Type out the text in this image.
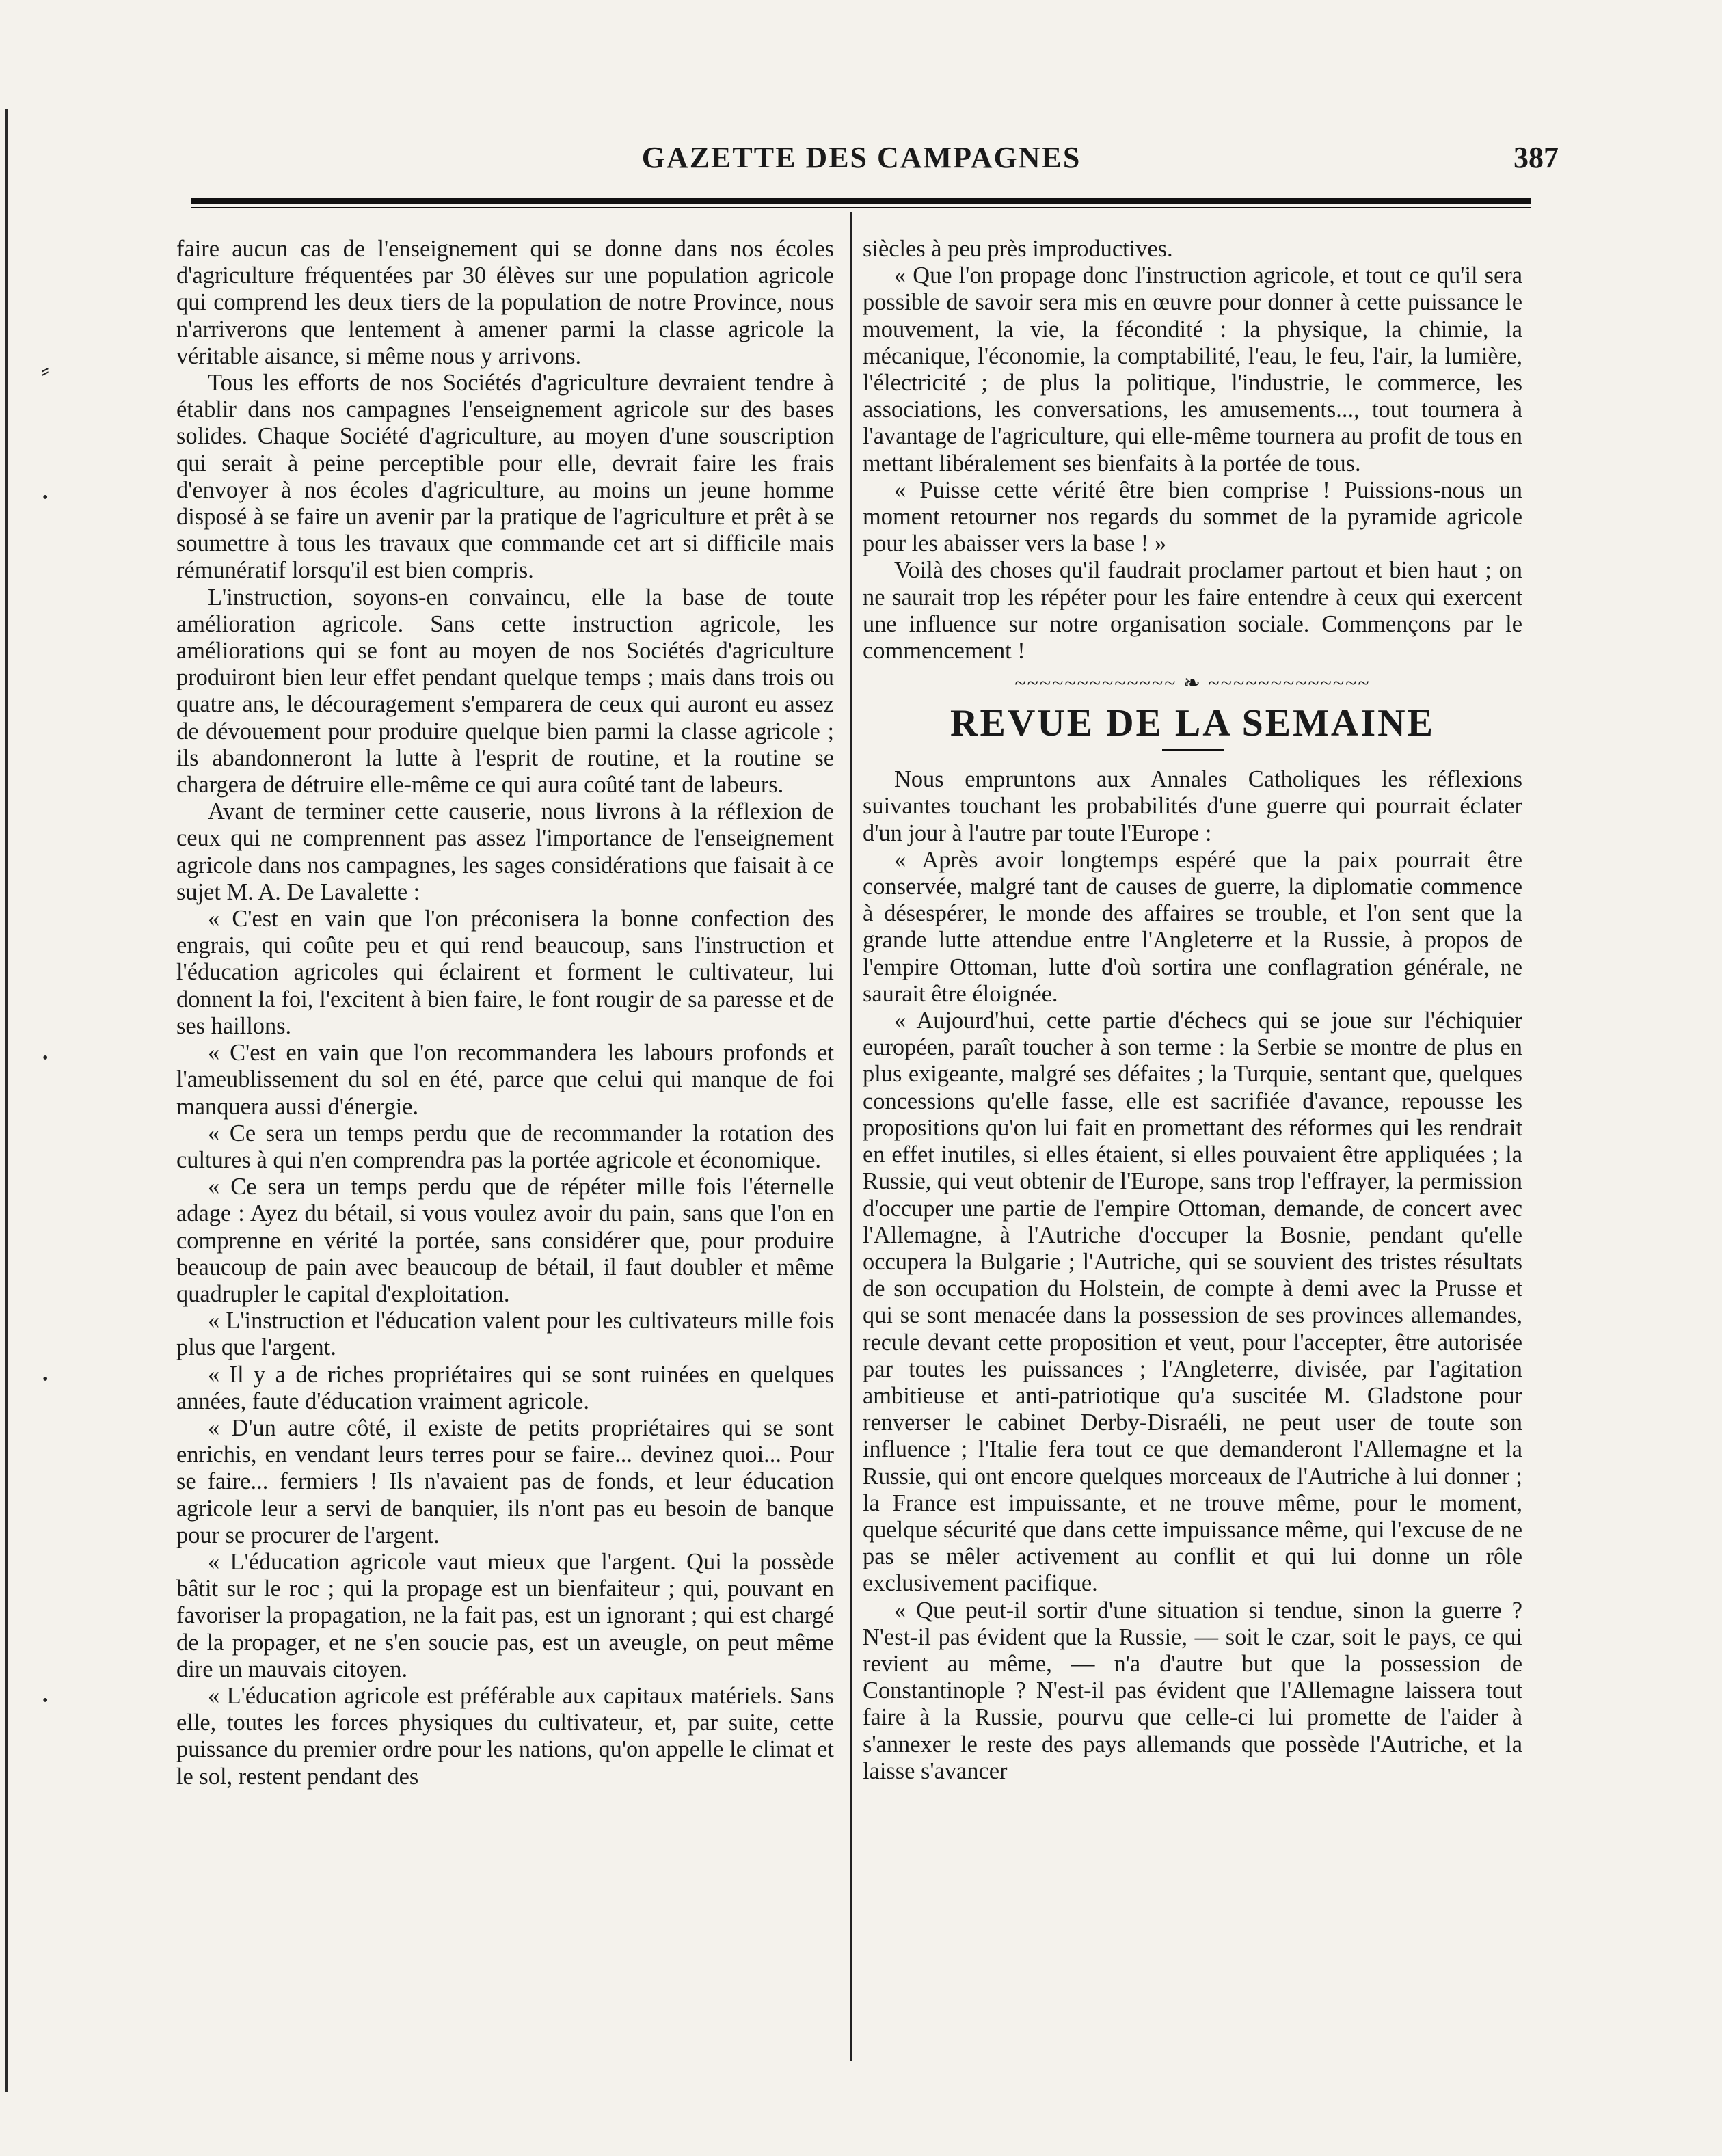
⸗
•
•
•
•
GAZETTE DES CAMPAGNES	387

faire aucun cas de l'enseignement qui se donne dans nos écoles d'agriculture fréquentées par 30 élèves sur une population agricole qui comprend les deux tiers de la population de notre Province, nous n'arriverons que lentement à amener parmi la classe agricole la véritable aisance, si même nous y arrivons.

Tous les efforts de nos Sociétés d'agriculture devraient tendre à établir dans nos campagnes l'enseignement agricole sur des bases solides. Chaque Société d'agriculture, au moyen d'une souscription qui serait à peine perceptible pour elle, devrait faire les frais d'envoyer à nos écoles d'agriculture, au moins un jeune homme disposé à se faire un avenir par la pratique de l'agriculture et prêt à se soumettre à tous les travaux que commande cet art si difficile mais rémunératif lorsqu'il est bien compris.

L'instruction, soyons-en convaincu, elle la base de toute amélioration agricole. Sans cette instruction agricole, les améliorations qui se font au moyen de nos Sociétés d'agriculture produiront bien leur effet pendant quelque temps ; mais dans trois ou quatre ans, le découragement s'emparera de ceux qui auront eu assez de dévouement pour produire quelque bien parmi la classe agricole ; ils abandonneront la lutte à l'esprit de routine, et la routine se chargera de détruire elle-même ce qui aura coûté tant de labeurs.

Avant de terminer cette causerie, nous livrons à la réflexion de ceux qui ne comprennent pas assez l'importance de l'enseignement agricole dans nos campagnes, les sages considérations que faisait à ce sujet M. A. De Lavalette :

« C'est en vain que l'on préconisera la bonne confection des engrais, qui coûte peu et qui rend beaucoup, sans l'instruction et l'éducation agricoles qui éclairent et forment le cultivateur, lui donnent la foi, l'excitent à bien faire, le font rougir de sa paresse et de ses haillons.

« C'est en vain que l'on recommandera les labours profonds et l'ameublissement du sol en été, parce que celui qui manque de foi manquera aussi d'énergie.

« Ce sera un temps perdu que de recommander la rotation des cultures à qui n'en comprendra pas la portée agricole et économique.

« Ce sera un temps perdu que de répéter mille fois l'éternelle adage : Ayez du bétail, si vous voulez avoir du pain, sans que l'on en comprenne en vérité la portée, sans considérer que, pour produire beaucoup de pain avec beaucoup de bétail, il faut doubler et même quadrupler le capital d'exploitation.

« L'instruction et l'éducation valent pour les cultivateurs mille fois plus que l'argent.

« Il y a de riches propriétaires qui se sont ruinées en quelques années, faute d'éducation vraiment agricole.

« D'un autre côté, il existe de petits propriétaires qui se sont enrichis, en vendant leurs terres pour se faire... devinez quoi... Pour se faire... fermiers ! Ils n'avaient pas de fonds, et leur éducation agricole leur a servi de banquier, ils n'ont pas eu besoin de banque pour se procurer de l'argent.

« L'éducation agricole vaut mieux que l'argent. Qui la possède bâtit sur le roc ; qui la propage est un bienfaiteur ; qui, pouvant en favoriser la propagation, ne la fait pas, est un ignorant ; qui est chargé de la propager, et ne s'en soucie pas, est un aveugle, on peut même dire un mauvais citoyen.

« L'éducation agricole est préférable aux capitaux matériels. Sans elle, toutes les forces physiques du cultivateur, et, par suite, cette puissance du premier ordre pour les nations, qu'on appelle le climat et le sol, restent pendant des

siècles à peu près improductives.

« Que l'on propage donc l'instruction agricole, et tout ce qu'il sera possible de savoir sera mis en œuvre pour donner à cette puissance le mouvement, la vie, la fécondité : la physique, la chimie, la mécanique, l'économie, la comptabilité, l'eau, le feu, l'air, la lumière, l'électricité ; de plus la politique, l'industrie, le commerce, les associations, les conversations, les amusements..., tout tournera à l'avantage de l'agriculture, qui elle-même tournera au profit de tous en mettant libéralement ses bienfaits à la portée de tous.

« Puisse cette vérité être bien comprise ! Puissions-nous un moment retourner nos regards du sommet de la pyramide agricole pour les abaisser vers la base ! »

Voilà des choses qu'il faudrait proclamer partout et bien haut ; on ne saurait trop les répéter pour les faire entendre à ceux qui exercent une influence sur notre organisation sociale. Commençons par le commencement !

~~~~~~~~~~~~~ ❧ ~~~~~~~~~~~~~
REVUE DE LA SEMAINE

Nous empruntons aux Annales Catholiques les réflexions suivantes touchant les probabilités d'une guerre qui pourrait éclater d'un jour à l'autre par toute l'Europe :

« Après avoir longtemps espéré que la paix pourrait être conservée, malgré tant de causes de guerre, la diplomatie commence à désespérer, le monde des affaires se trouble, et l'on sent que la grande lutte attendue entre l'Angleterre et la Russie, à propos de l'empire Ottoman, lutte d'où sortira une conflagration générale, ne saurait être éloignée.

« Aujourd'hui, cette partie d'échecs qui se joue sur l'échiquier européen, paraît toucher à son terme : la Serbie se montre de plus en plus exigeante, malgré ses défaites ; la Turquie, sentant que, quelques concessions qu'elle fasse, elle est sacrifiée d'avance, repousse les propositions qu'on lui fait en promettant des réformes qui les rendrait en effet inutiles, si elles étaient, si elles pouvaient être appliquées ; la Russie, qui veut obtenir de l'Europe, sans trop l'effrayer, la permission d'occuper une partie de l'empire Ottoman, demande, de concert avec l'Allemagne, à l'Autriche d'occuper la Bosnie, pendant qu'elle occupera la Bulgarie ; l'Autriche, qui se souvient des tristes résultats de son occupation du Holstein, de compte à demi avec la Prusse et qui se sont menacée dans la possession de ses provinces allemandes, recule devant cette proposition et veut, pour l'accepter, être autorisée par toutes les puissances ; l'Angleterre, divisée, par l'agitation ambitieuse et anti-patriotique qu'a suscitée M. Gladstone pour renverser le cabinet Derby-Disraéli, ne peut user de toute son influence ; l'Italie fera tout ce que demanderont l'Allemagne et la Russie, qui ont encore quelques morceaux de l'Autriche à lui donner ; la France est impuissante, et ne trouve même, pour le moment, quelque sécurité que dans cette impuissance même, qui l'excuse de ne pas se mêler activement au conflit et qui lui donne un rôle exclusivement pacifique.

« Que peut-il sortir d'une situation si tendue, sinon la guerre ? N'est-il pas évident que la Russie, — soit le czar, soit le pays, ce qui revient au même, — n'a d'autre but que la possession de Constantinople ? N'est-il pas évident que l'Allemagne laissera tout faire à la Russie, pourvu que celle-ci lui promette de l'aider à s'annexer le reste des pays allemands que possède l'Autriche, et la laisse s'avancer
